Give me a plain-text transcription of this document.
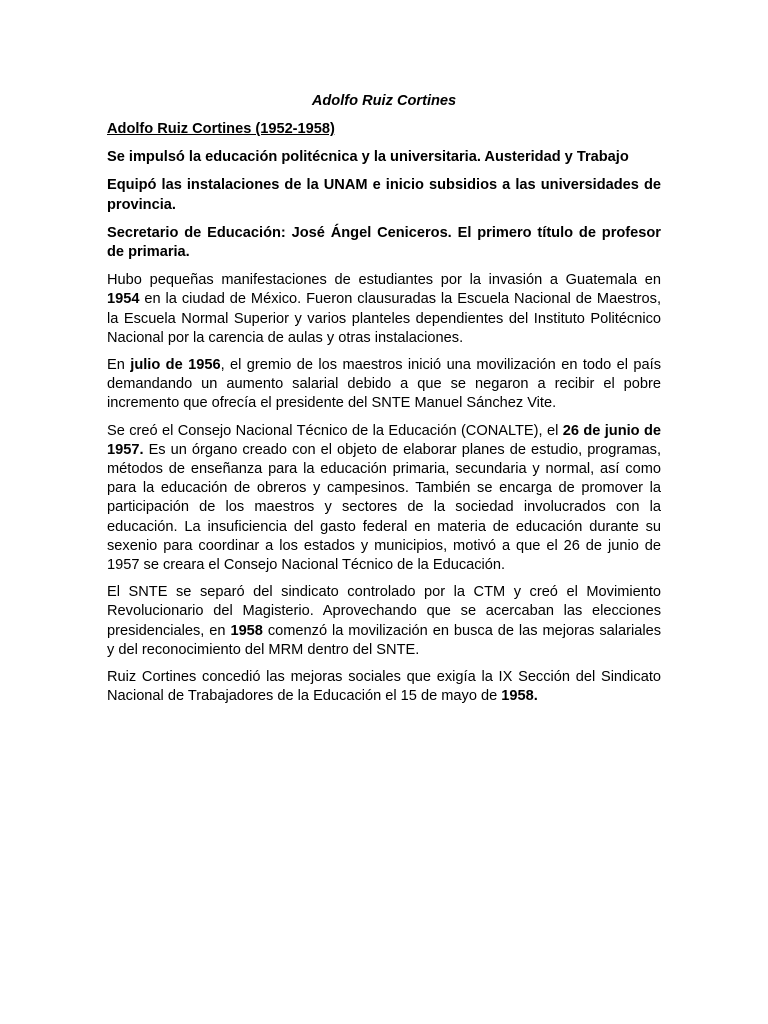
Adolfo Ruiz Cortines
Adolfo Ruiz Cortines (1952-1958)
Se impulsó la educación politécnica y la universitaria. Austeridad y Trabajo
Equipó las instalaciones de la UNAM e inicio subsidios a las universidades de provincia.
Secretario de Educación: José Ángel Ceniceros. El primero título de profesor de primaria.

Hubo pequeñas manifestaciones de estudiantes por la invasión a Guatemala en 1954 en la ciudad de México. Fueron clausuradas la Escuela Nacional de Maestros, la Escuela Normal Superior y varios planteles dependientes del Instituto Politécnico Nacional por la carencia de aulas y otras instalaciones.

En julio de 1956, el gremio de los maestros inició una movilización en todo el país demandando un aumento salarial debido a que se negaron a recibir el pobre incremento que ofrecía el presidente del SNTE Manuel Sánchez Vite.

Se creó el Consejo Nacional Técnico de la Educación (CONALTE), el 26 de junio de 1957. Es un órgano creado con el objeto de elaborar planes de estudio, programas, métodos de enseñanza para la educación primaria, secundaria y normal, así como para la educación de obreros y campesinos. También se encarga de promover la participación de los maestros y sectores de la sociedad involucrados con la educación. La insuficiencia del gasto federal en materia de educación durante su sexenio para coordinar a los estados y municipios, motivó a que el 26 de junio de 1957 se creara el Consejo Nacional Técnico de la Educación.

El SNTE se separó del sindicato controlado por la CTM y creó el Movimiento Revolucionario del Magisterio. Aprovechando que se acercaban las elecciones presidenciales, en 1958 comenzó la movilización en busca de las mejoras salariales y del reconocimiento del MRM dentro del SNTE.

Ruiz Cortines concedió las mejoras sociales que exigía la IX Sección del Sindicato Nacional de Trabajadores de la Educación el 15 de mayo de 1958.
